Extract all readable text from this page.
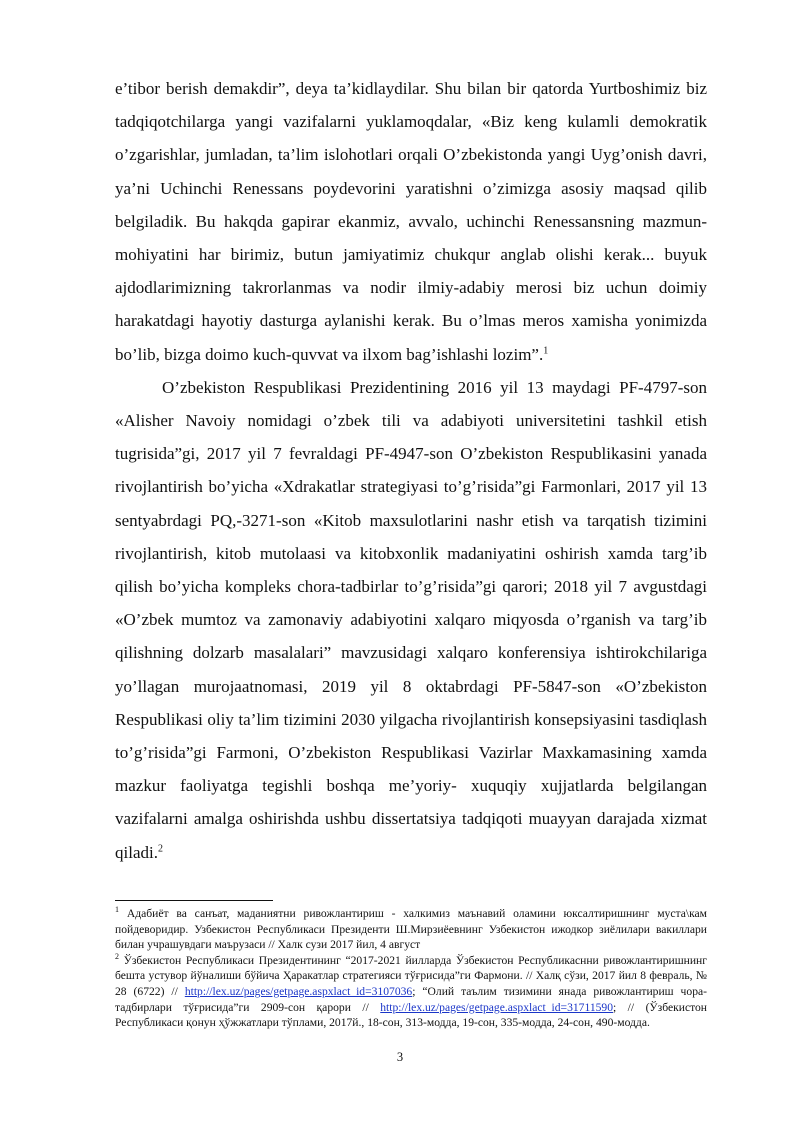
e’tibor berish demakdir”, deya ta’kidlaydilar. Shu bilan bir qatorda Yurtboshimiz biz tadqiqotchilarga yangi vazifalarni yuklamoqdalar, «Biz keng kulamli demokratik o’zgarishlar, jumladan, ta’lim islohotlari orqali O’zbekistonda yangi Uyg’onish davri, ya’ni Uchinchi Renessans poydevorini yaratishni o’zimizga asosiy maqsad qilib belgiladik. Bu hakqda gapirar ekanmiz, avvalo, uchinchi Renessansning mazmun-mohiyatini har birimiz, butun jamiyatimiz chukqur anglab olishi kerak... buyuk ajdodlarimizning takrorlanmas va nodir ilmiy-adabiy merosi biz uchun doimiy harakatdagi hayotiy dasturga aylanishi kerak. Bu o’lmas meros xamisha yonimizda bo’lib, bizga doimo kuch-quvvat va ilxom bag’ishlashi lozim”.$^1$

O’zbekiston Respublikasi Prezidentining 2016 yil 13 maydagi PF-4797-son «Alisher Navoiy nomidagi o’zbek tili va adabiyoti universitetini tashkil etish tugrisida”gi, 2017 yil 7 fevraldagi PF-4947-son O’zbekiston Respublikasini yanada rivojlantirish bo’yicha «Xdrakatlar strategiyasi to’g’risida”gi Farmonlari, 2017 yil 13 sentyabrdagi PQ,-3271-son «Kitob maxsulotlarini nashr etish va tarqatish tizimini rivojlantirish, kitob mutolaasi va kitobxonlik madaniyatini oshirish xamda targ’ib qilish bo’yicha kompleks chora-tadbirlar to’g’risida”gi qarori; 2018 yil 7 avgustdagi «O’zbek mumtoz va zamonaviy adabiyotini xalqaro miqyosda o’rganish va targ’ib qilishning dolzarb masalalari” mavzusidagi xalqaro konferensiya ishtirokchilariga yo’llagan murojaatnomasi, 2019 yil 8 oktabrdagi PF-5847-son «O’zbekiston Respublikasi oliy ta’lim tizimini 2030 yilgacha rivojlantirish konsepsiyasini tasdiqlash to’g’risida”gi Farmoni, O’zbekiston Respublikasi Vazirlar Maxkamasining xamda mazkur faoliyatga tegishli boshqa me’yoriy- xuquqiy xujjatlarda belgilangan vazifalarni amalga oshirishda ushbu dissertatsiya tadqiqoti muayyan darajada xizmat qiladi.$^2$

$^1$ Адабиёт ва санъат, маданиятни ривожлантириш - халкимиз маънавий оламини юксалтиришнинг муста\кам пойдеворидир. Узбекистон Республикаси Президенти Ш.Мирзиёевнинг Узбекистон ижодкор зиёлилари вакиллари билан учрашувдаги маърузаси // Халк сузи 2017 йил, 4 август

$^2$ Ўзбекистон Республикаси Президентининг “2017-2021 йилларда Ўзбекистон Республикаснни ривожлантиришнинг бешта устувор йўналиши бўйича Ҳаракатлар стратегияси тўғрисида”ги Фармони. // Халқ сўзи, 2017 йил 8 февраль, № 28 (6722) // http://lex.uz/pages/getpage.aspxlact_id=3107036; “Олий таълим тизимини янада ривожлантириш чора-тадбирлари тўғрисида”ги 2909-сон қарори // http://lex.uz/pages/getpage.aspxlact_id=31711590; // (Ўзбекистон Республикаси қонун ҳўжжатлари тўплами, 2017й., 18-сон, 313-модда, 19-сон, 335-модда, 24-сон, 490-модда.

3
